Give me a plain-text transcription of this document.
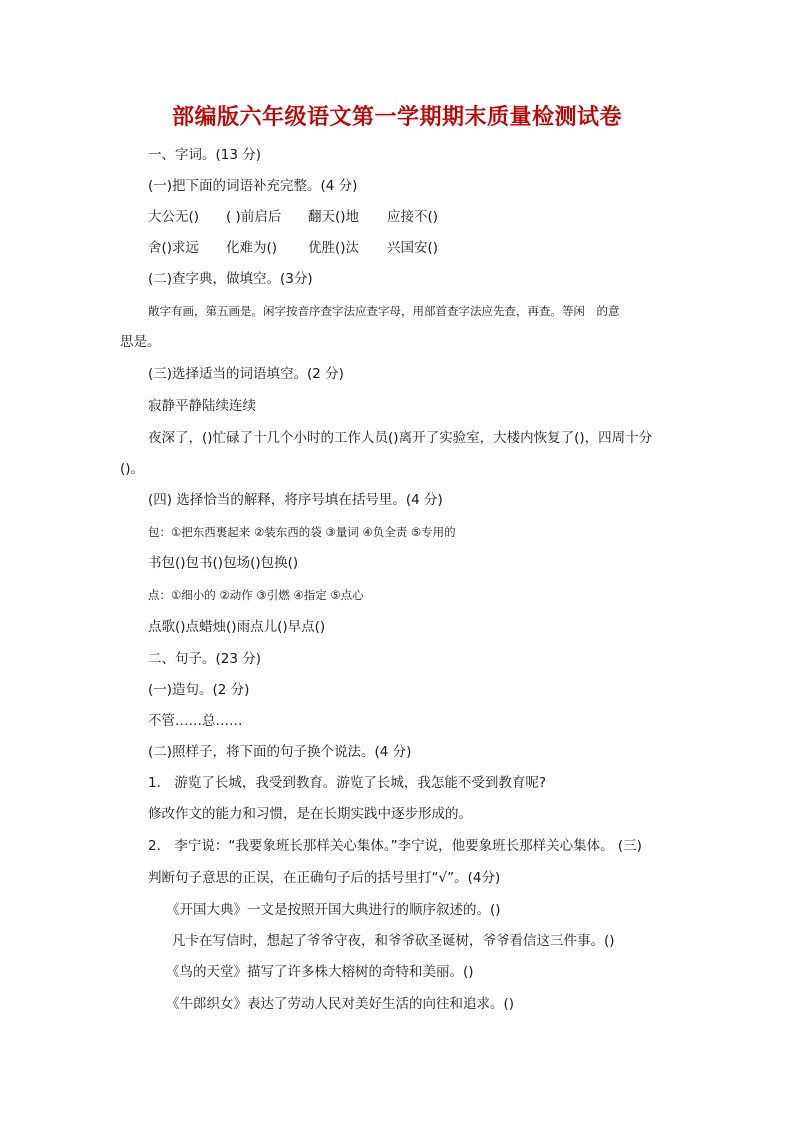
部编版六年级语文第一学期期末质量检测试卷
一、字词。(13 分)
(一)把下面的词语补充完整。(4 分)
大公无() ( )前启后 翻天()地 应接不()
舍()求远 化难为() 优胜()汰 兴国安()
(二)查字典，做填空。(3分)
敞字有画，第五画是。闲字按音序查字法应查字母，用部首查字法应先查，再查。等闲　的意
思是。
(三)选择适当的词语填空。(2 分)
寂静平静陆续连续
夜深了，()忙碌了十几个小时的工作人员()离开了实验室，大楼内恢复了()，四周十分
()。
(四) 选择恰当的解释，将序号填在括号里。(4 分)
包：①把东西裹起来 ②装东西的袋 ③量词 ④负全责 ⑤专用的
书包()包书()包场()包换()
点：①细小的 ②动作 ③引燃 ④指定 ⑤点心
点歌()点蜡烛()雨点儿()早点()
二、句子。(23 分)
(一)造句。(2 分)
不管……总……
(二)照样子，将下面的句子换个说法。(4 分)
1.　游览了长城，我受到教育。游览了长城，我怎能不受到教育呢?
修改作文的能力和习惯，是在长期实践中逐步形成的。
2.　李宁说：“我要象班长那样关心集体。”李宁说，他要象班长那样关心集体。 (三)
判断句子意思的正误，在正确句子后的括号里打“√”。(4分)
《开国大典》一文是按照开国大典进行的顺序叙述的。()
凡卡在写信时，想起了爷爷守夜，和爷爷砍圣诞树，爷爷看信这三件事。()
《鸟的天堂》描写了许多株大榕树的奇特和美丽。()
《牛郎织女》表达了劳动人民对美好生活的向往和追求。()
